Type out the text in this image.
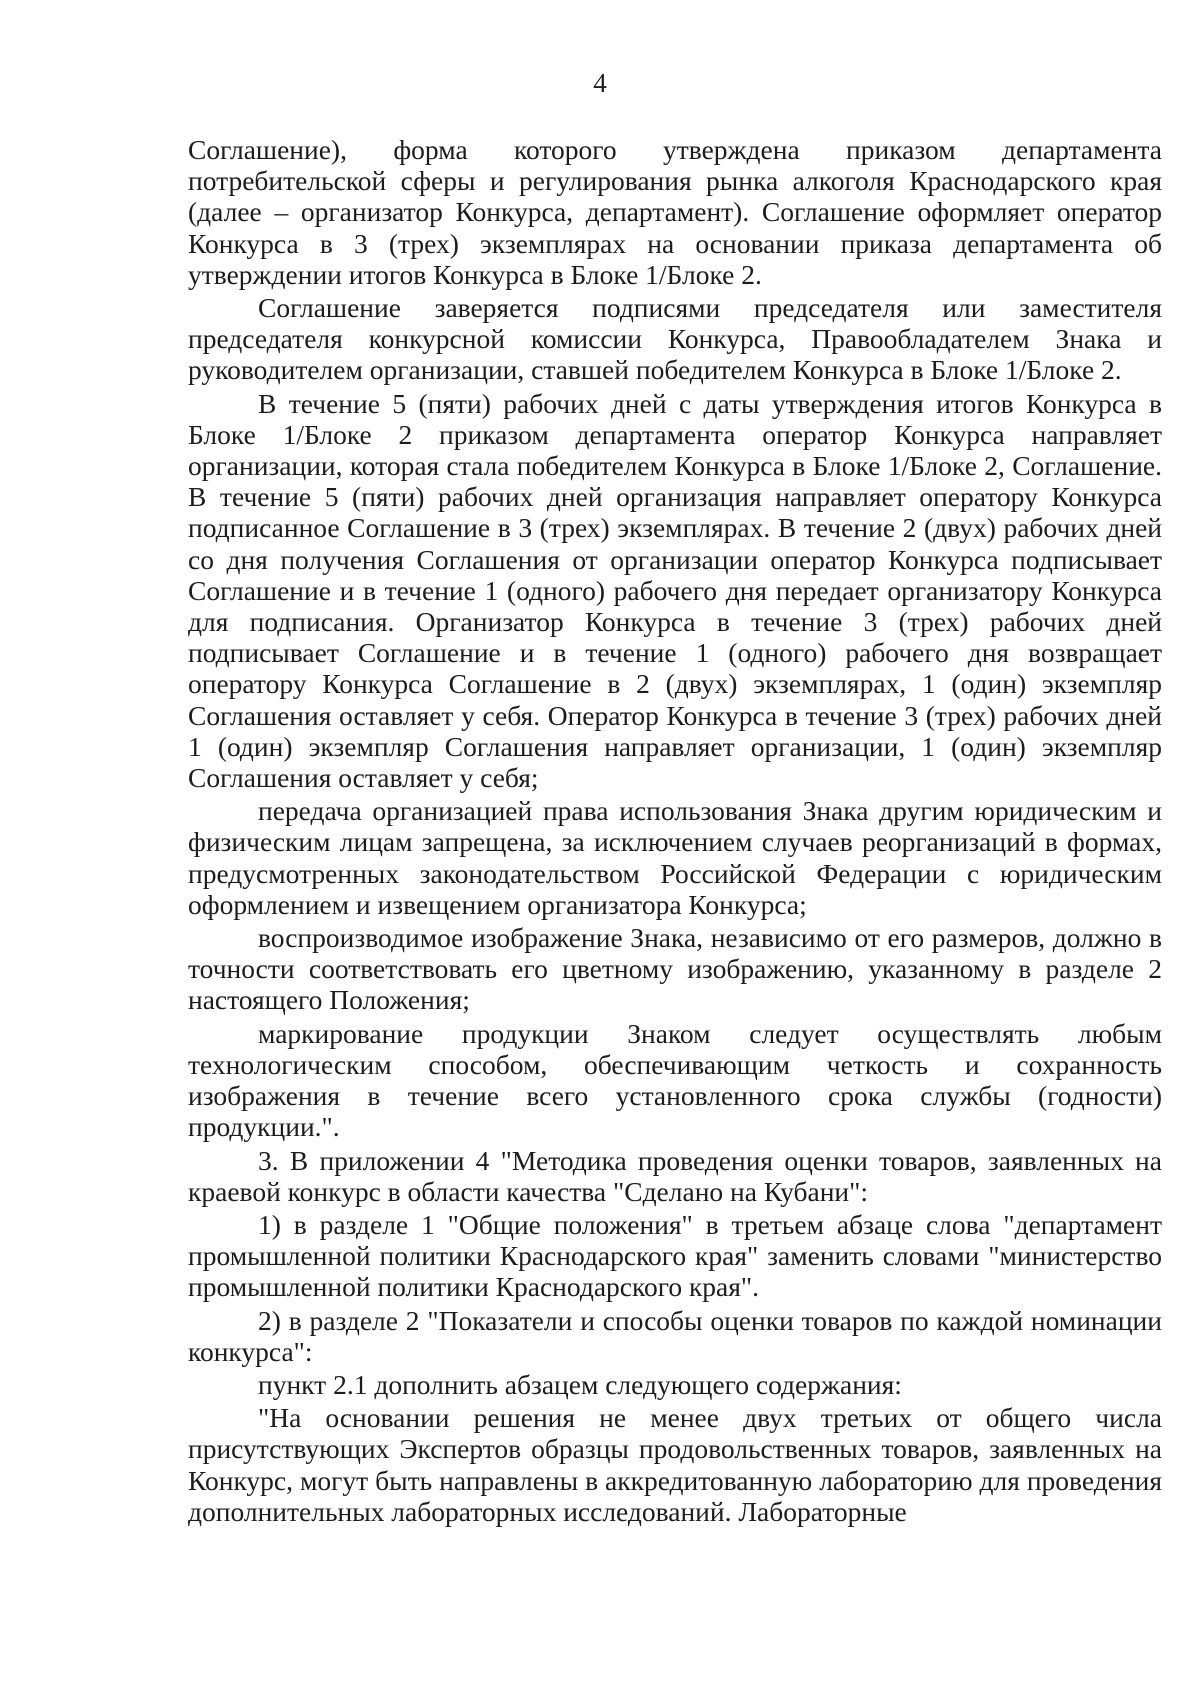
4

Соглашение), форма которого утверждена приказом департамента потребительской сферы и регулирования рынка алкоголя Краснодарского края (далее – организатор Конкурса, департамент). Соглашение оформляет оператор Конкурса в 3 (трех) экземплярах на основании приказа департамента об утверждении итогов Конкурса в Блоке 1/Блоке 2.

Соглашение заверяется подписями председателя или заместителя председателя конкурсной комиссии Конкурса, Правообладателем Знака и руководителем организации, ставшей победителем Конкурса в Блоке 1/Блоке 2.

В течение 5 (пяти) рабочих дней с даты утверждения итогов Конкурса в Блоке 1/Блоке 2 приказом департамента оператор Конкурса направляет организации, которая стала победителем Конкурса в Блоке 1/Блоке 2, Соглашение. В течение 5 (пяти) рабочих дней организация направляет оператору Конкурса подписанное Соглашение в 3 (трех) экземплярах. В течение 2 (двух) рабочих дней со дня получения Соглашения от организации оператор Конкурса подписывает Соглашение и в течение 1 (одного) рабочего дня передает организатору Конкурса для подписания. Организатор Конкурса в течение 3 (трех) рабочих дней подписывает Соглашение и в течение 1 (одного) рабочего дня возвращает оператору Конкурса Соглашение в 2 (двух) экземплярах, 1 (один) экземпляр Соглашения оставляет у себя. Оператор Конкурса в течение 3 (трех) рабочих дней 1 (один) экземпляр Соглашения направляет организации, 1 (один) экземпляр Соглашения оставляет у себя;

передача организацией права использования Знака другим юридическим и физическим лицам запрещена, за исключением случаев реорганизаций в формах, предусмотренных законодательством Российской Федерации с юридическим оформлением и извещением организатора Конкурса;

воспроизводимое изображение Знака, независимо от его размеров, должно в точности соответствовать его цветному изображению, указанному в разделе 2 настоящего Положения;

маркирование продукции Знаком следует осуществлять любым технологическим способом, обеспечивающим четкость и сохранность изображения в течение всего установленного срока службы (годности) продукции.".

3. В приложении 4 "Методика проведения оценки товаров, заявленных на краевой конкурс в области качества "Сделано на Кубани":

1) в разделе 1 "Общие положения" в третьем абзаце слова "департамент промышленной политики Краснодарского края" заменить словами "министерство промышленной политики Краснодарского края".

2) в разделе 2 "Показатели и способы оценки товаров по каждой номинации конкурса":

пункт 2.1 дополнить абзацем следующего содержания:

"На основании решения не менее двух третьих от общего числа присутствующих Экспертов образцы продовольственных товаров, заявленных на Конкурс, могут быть направлены в аккредитованную лабораторию для проведения дополнительных лабораторных исследований. Лабораторные
